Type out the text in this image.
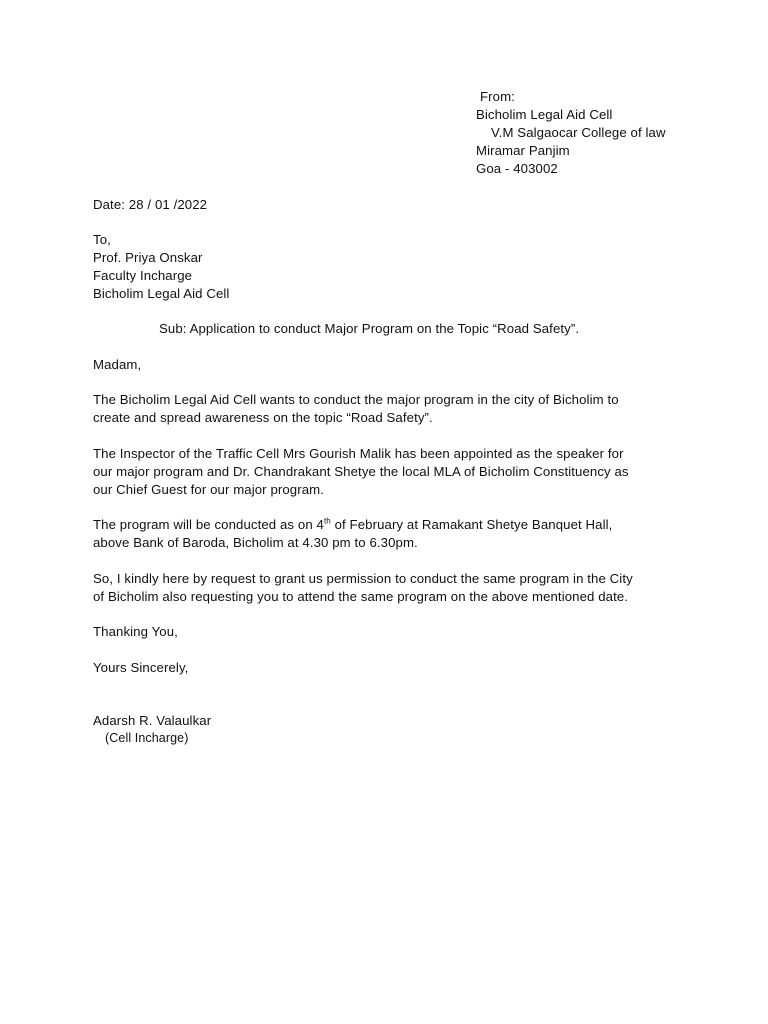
From:
Bicholim Legal Aid Cell
V.M Salgaocar College of law
Miramar Panjim
Goa - 403002
Date: 28 / 01 /2022
To,
Prof. Priya Onskar
Faculty Incharge
Bicholim Legal Aid Cell
Sub: Application to conduct Major Program on the Topic “Road Safety”.
Madam,
The Bicholim Legal Aid Cell wants to conduct the major program in the city of Bicholim to
create and spread awareness on the topic “Road Safety”.
The Inspector of the Traffic Cell Mrs Gourish Malik has been appointed as the speaker for
our major program and Dr. Chandrakant Shetye the local MLA of Bicholim Constituency as
our Chief Guest for our major program.
The program will be conducted as on 4th of February at Ramakant Shetye Banquet Hall,
above Bank of Baroda, Bicholim at 4.30 pm to 6.30pm.
So, I kindly here by request to grant us permission to conduct the same program in the City
of Bicholim also requesting you to attend the same program on the above mentioned date.
Thanking You,
Yours Sincerely,
Adarsh R. Valaulkar
(Cell Incharge)
